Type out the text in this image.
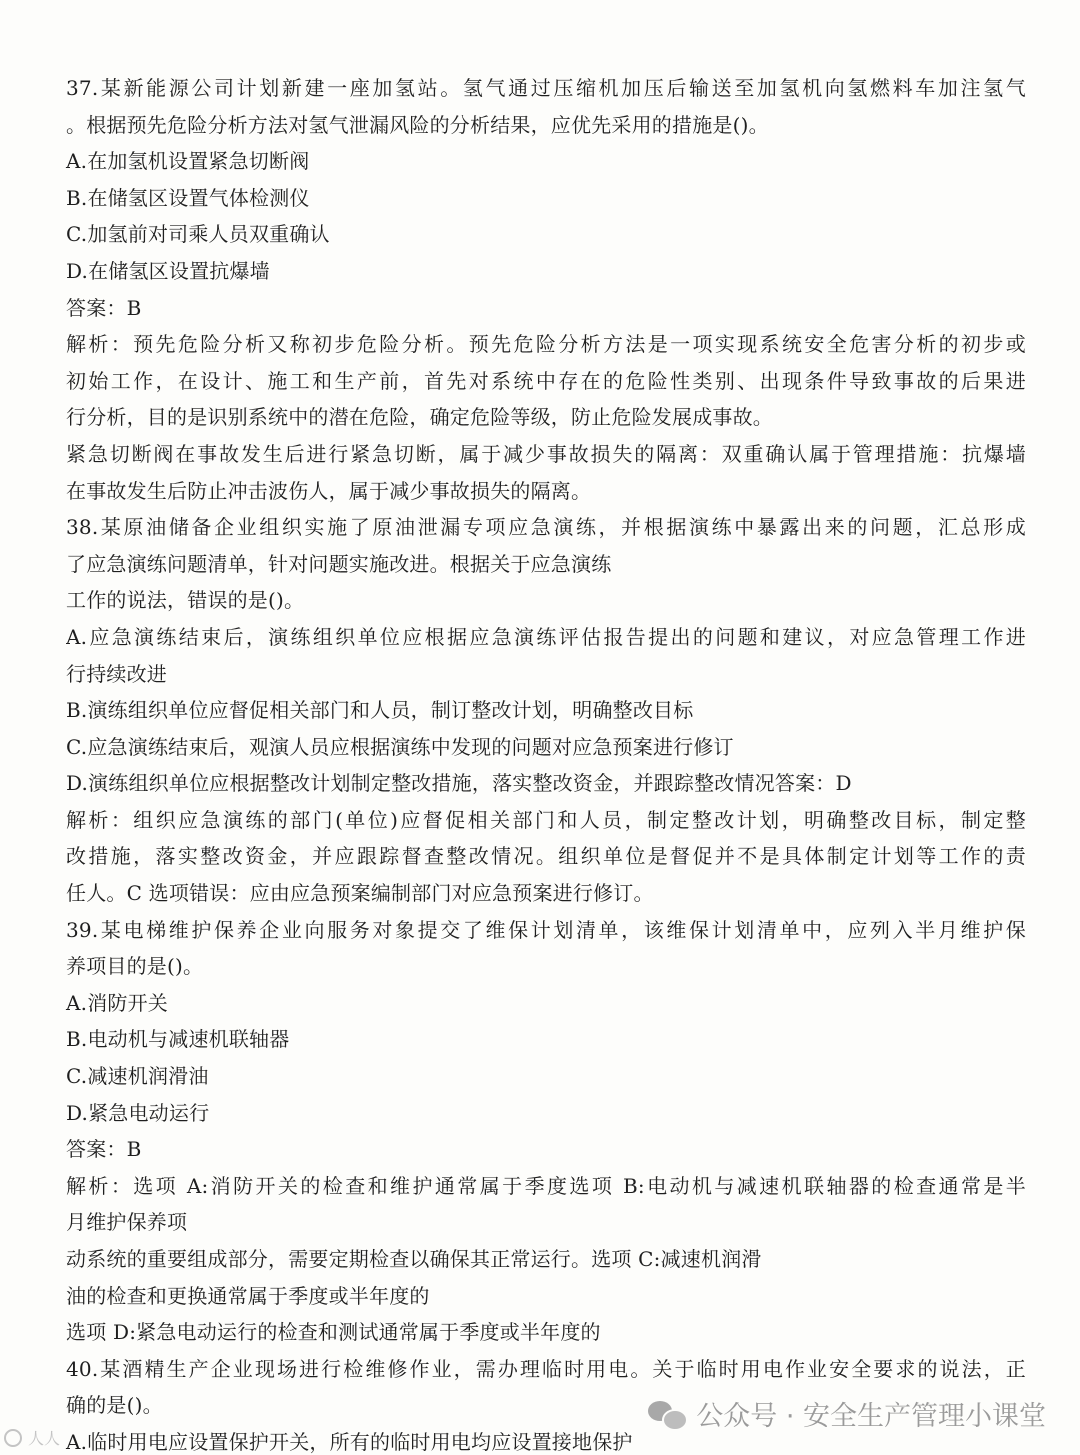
37.某新能源公司计划新建一座加氢站。氢气通过压缩机加压后输送至加氢机向氢燃料车加注氢气
。根据预先危险分析方法对氢气泄漏风险的分析结果，应优先采用的措施是()。
A.在加氢机设置紧急切断阀
B.在储氢区设置气体检测仪
C.加氢前对司乘人员双重确认
D.在储氢区设置抗爆墙
答案：B
解析：预先危险分析又称初步危险分析。预先危险分析方法是一项实现系统安全危害分析的初步或
初始工作，在设计、施工和生产前，首先对系统中存在的危险性类别、出现条件导致事故的后果进
行分析，目的是识别系统中的潜在危险，确定危险等级，防止危险发展成事故。
紧急切断阀在事故发生后进行紧急切断，属于减少事故损失的隔离：双重确认属于管理措施：抗爆墙
在事故发生后防止冲击波伤人，属于减少事故损失的隔离。
38.某原油储备企业组织实施了原油泄漏专项应急演练，并根据演练中暴露出来的问题，汇总形成
了应急演练问题清单，针对问题实施改进。根据关于应急演练
工作的说法，错误的是()。
A.应急演练结束后，演练组织单位应根据应急演练评估报告提出的问题和建议，对应急管理工作进
行持续改进
B.演练组织单位应督促相关部门和人员，制订整改计划，明确整改目标
C.应急演练结束后，观演人员应根据演练中发现的问题对应急预案进行修订
D.演练组织单位应根据整改计划制定整改措施，落实整改资金，并跟踪整改情况答案：D
解析：组织应急演练的部门(单位)应督促相关部门和人员，制定整改计划，明确整改目标，制定整
改措施，落实整改资金，并应跟踪督查整改情况。组织单位是督促并不是具体制定计划等工作的责
任人。C 选项错误：应由应急预案编制部门对应急预案进行修订。
39.某电梯维护保养企业向服务对象提交了维保计划清单，该维保计划清单中，应列入半月维护保
养项目的是()。
A.消防开关
B.电动机与减速机联轴器
C.减速机润滑油
D.紧急电动运行
答案：B
解析：选项 A:消防开关的检查和维护通常属于季度选项 B:电动机与减速机联轴器的检查通常是半
月维护保养项
动系统的重要组成部分，需要定期检查以确保其正常运行。选项 C:减速机润滑
油的检查和更换通常属于季度或半年度的
选项 D:紧急电动运行的检查和测试通常属于季度或半年度的
40.某酒精生产企业现场进行检维修作业，需办理临时用电。关于临时用电作业安全要求的说法，正
确的是()。
A.临时用电应设置保护开关，所有的临时用电均应设置接地保护
公众号 · 安全生产管理小课堂
人人
